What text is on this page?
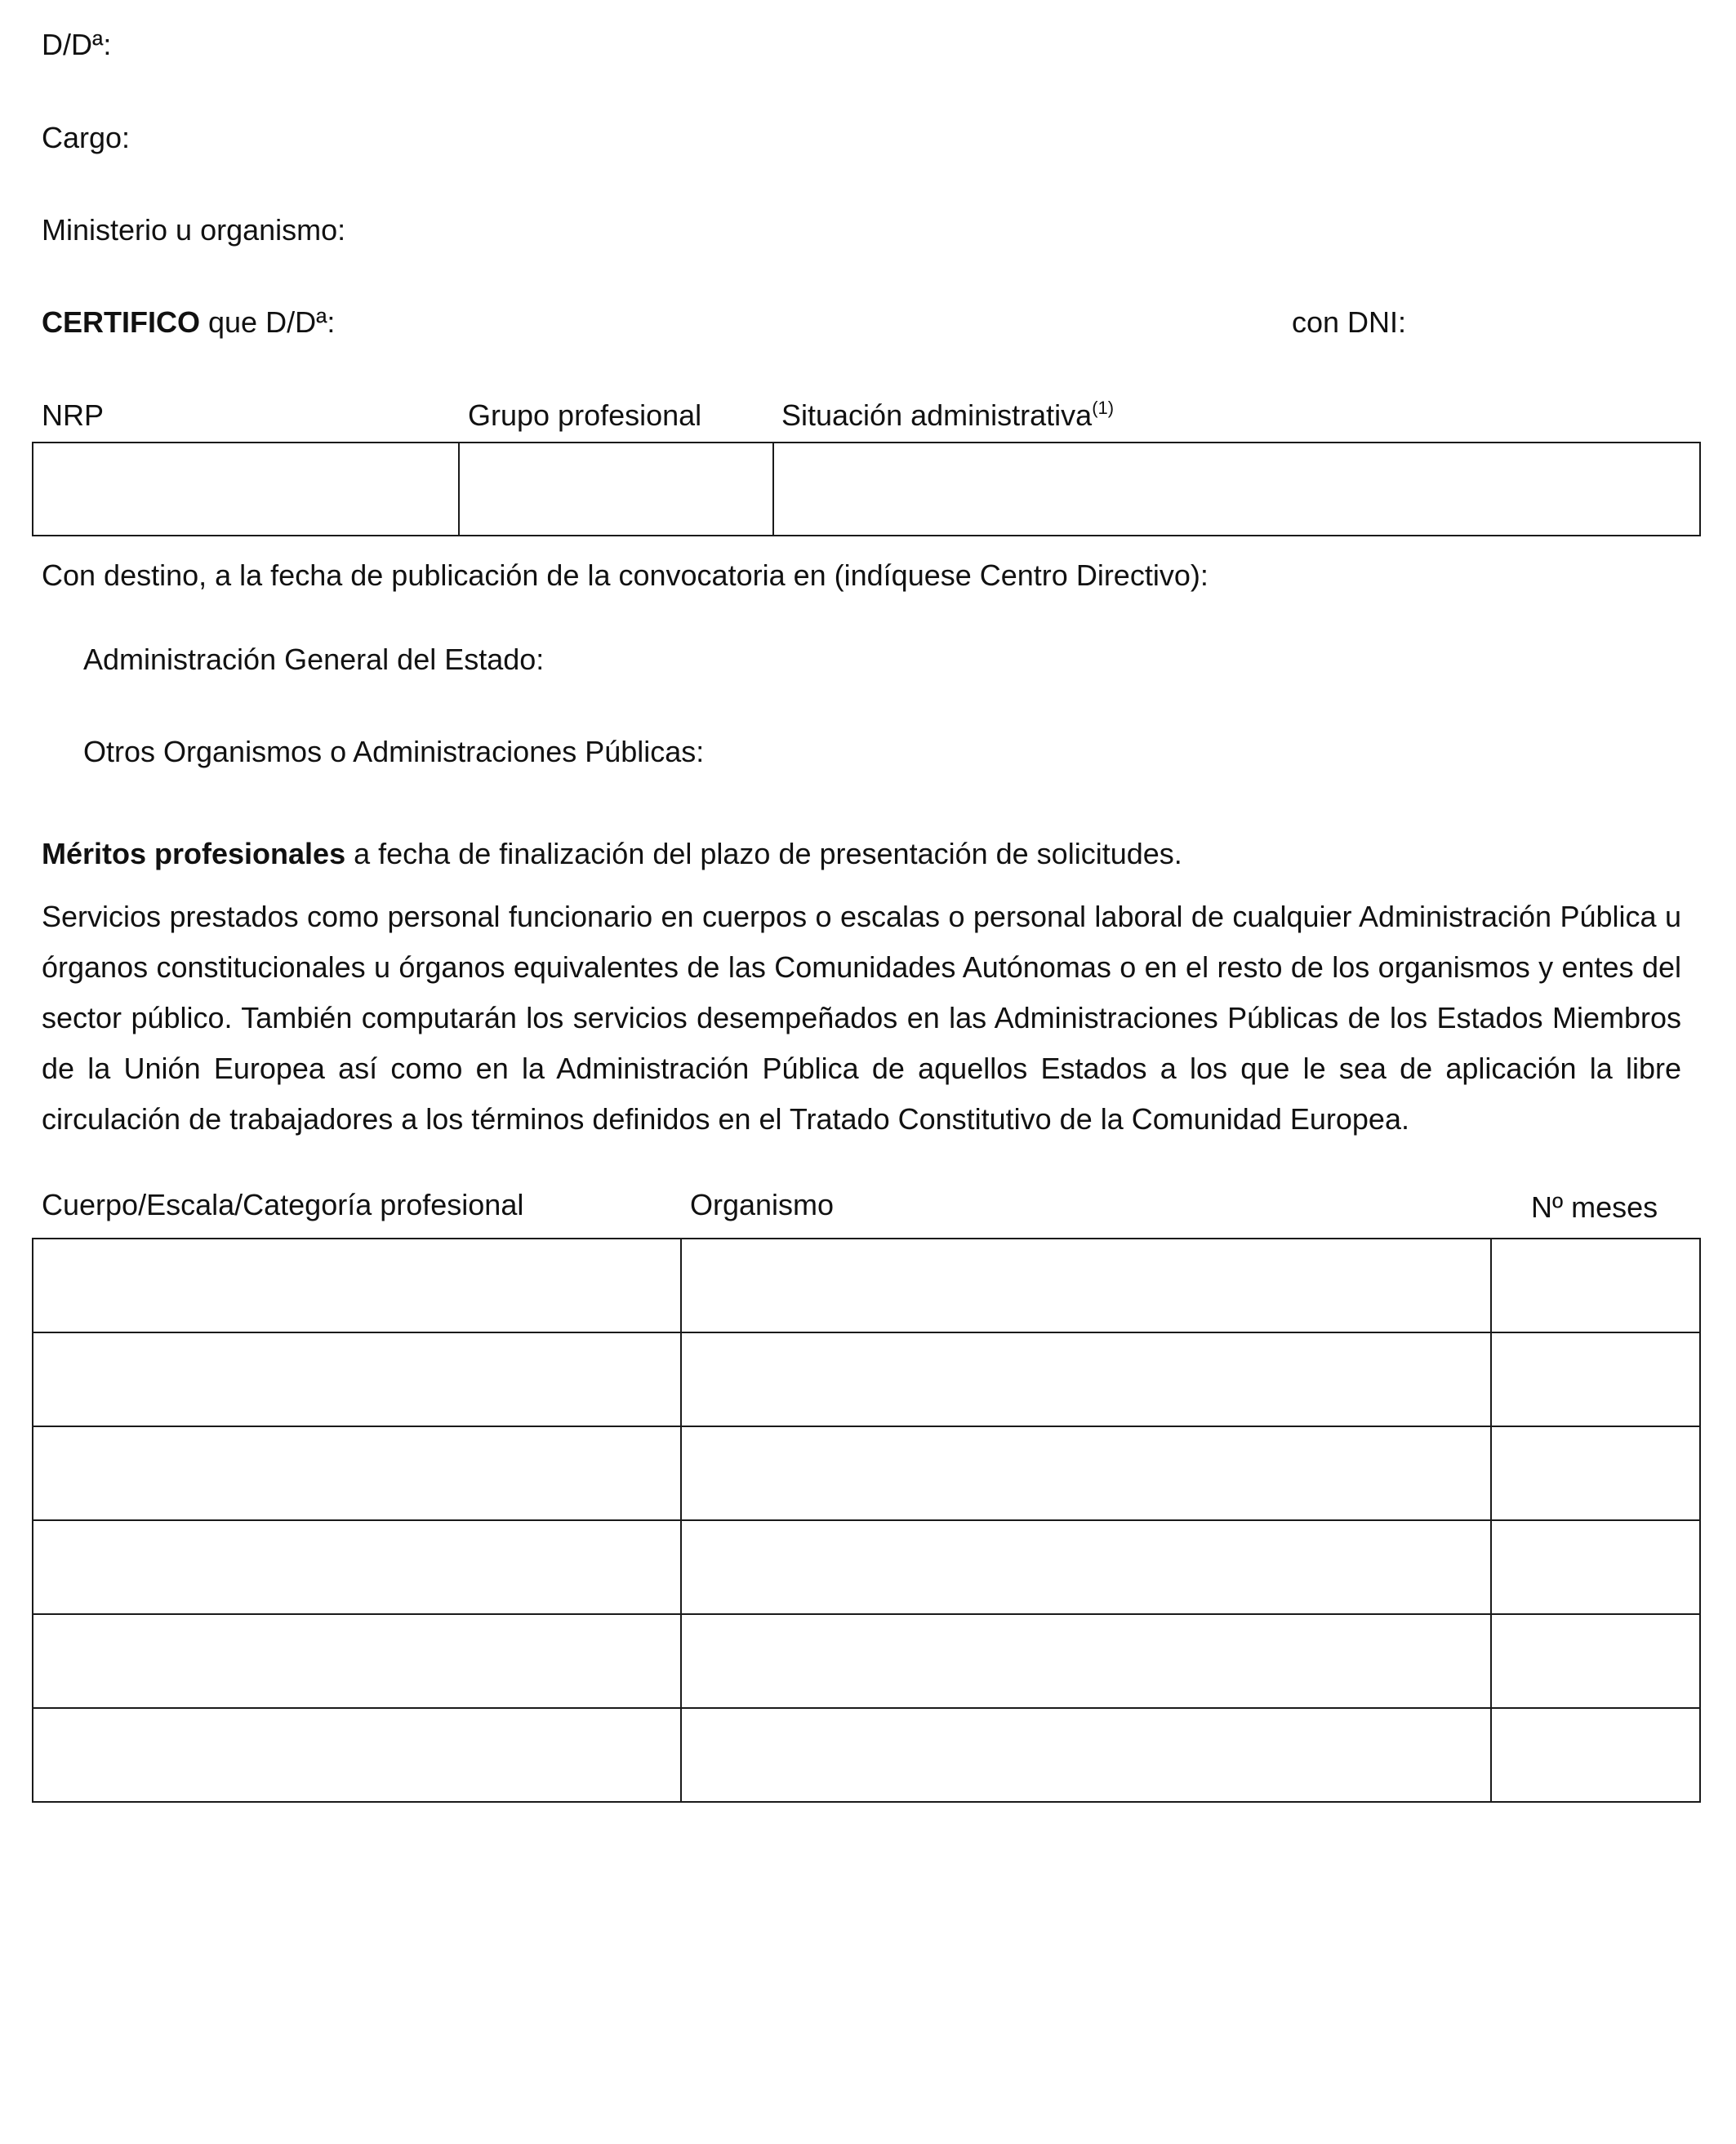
D/Dª:
Cargo:
Ministerio u organismo:
CERTIFICO que D/Dª:	con DNI:
NRP	Grupo profesional	Situación administrativa$^{(1)}$

Con destino, a la fecha de publicación de la convocatoria en (indíquese Centro Directivo):
Administración General del Estado:
Otros Organismos o Administraciones Públicas:
Méritos profesionales a fecha de finalización del plazo de presentación de solicitudes.
Servicios prestados como personal funcionario en cuerpos o escalas o personal laboral de cualquier Administración Pública u órganos constitucionales u órganos equivalentes de las Comunidades Autónomas o en el resto de los organismos y entes del sector público. También computarán los servicios desempeñados en las Administraciones Públicas de los Estados Miembros de la Unión Europea así como en la Administración Pública de aquellos Estados a los que le sea de aplicación la libre circulación de trabajadores a los términos definidos en el Tratado Constitutivo de la Comunidad Europea.
Cuerpo/Escala/Categoría profesional	Organismo	Nº meses
